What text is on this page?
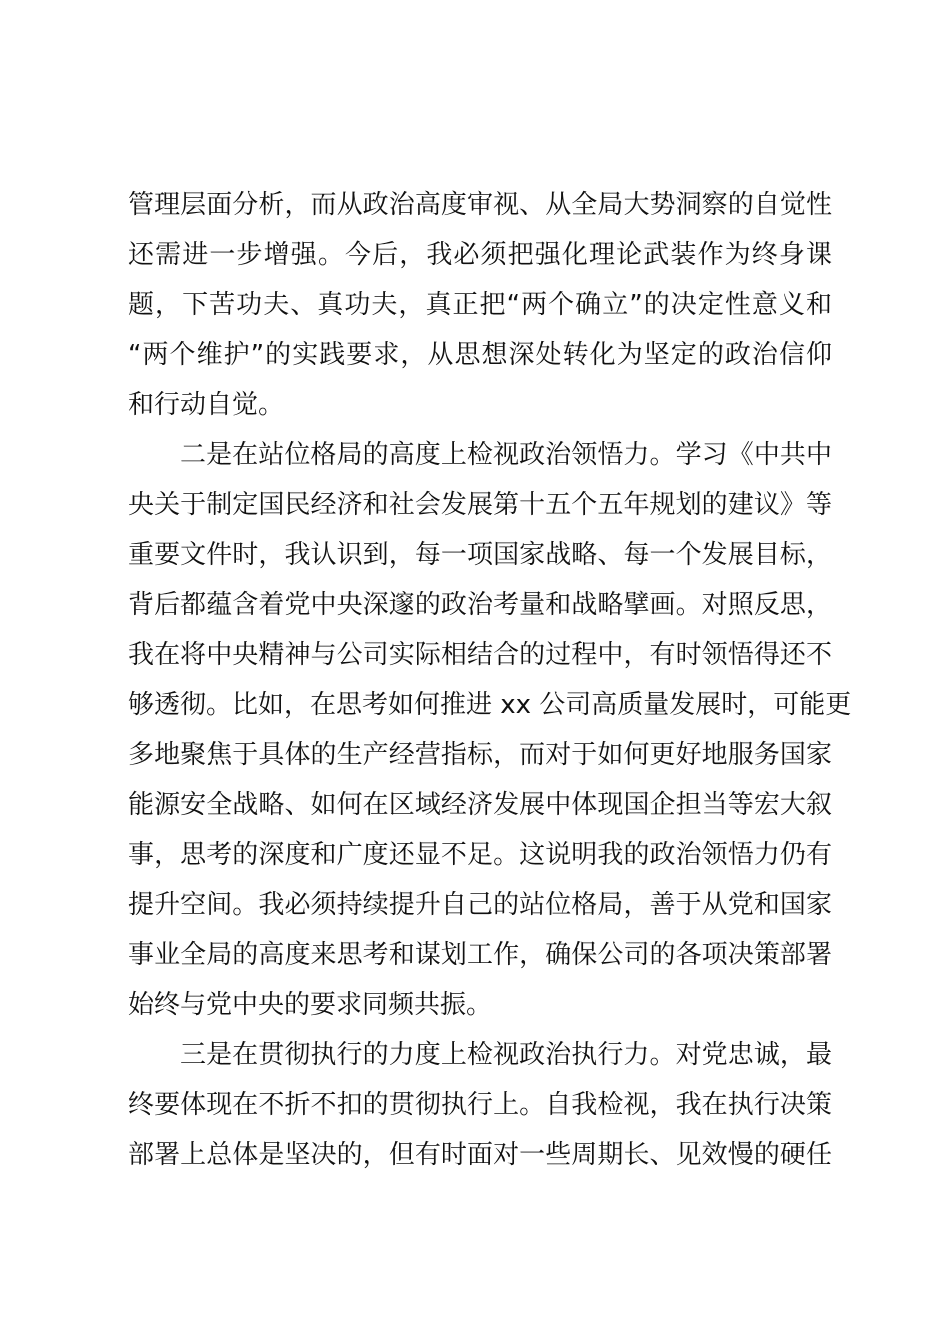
管理层面分析，而从政治高度审视、从全局大势洞察的自觉性
还需进一步增强。今后，我必须把强化理论武装作为终身课
题，下苦功夫、真功夫，真正把“两个确立”的决定性意义和
“两个维护”的实践要求，从思想深处转化为坚定的政治信仰
和行动自觉。
二是在站位格局的高度上检视政治领悟力。学习《中共中
央关于制定国民经济和社会发展第十五个五年规划的建议》等
重要文件时，我认识到，每一项国家战略、每一个发展目标，
背后都蕴含着党中央深邃的政治考量和战略擘画。对照反思，
我在将中央精神与公司实际相结合的过程中，有时领悟得还不
够透彻。比如，在思考如何推进 xx 公司高质量发展时，可能更
多地聚焦于具体的生产经营指标，而对于如何更好地服务国家
能源安全战略、如何在区域经济发展中体现国企担当等宏大叙
事，思考的深度和广度还显不足。这说明我的政治领悟力仍有
提升空间。我必须持续提升自己的站位格局，善于从党和国家
事业全局的高度来思考和谋划工作，确保公司的各项决策部署
始终与党中央的要求同频共振。
三是在贯彻执行的力度上检视政治执行力。对党忠诚，最
终要体现在不折不扣的贯彻执行上。自我检视，我在执行决策
部署上总体是坚决的，但有时面对一些周期长、见效慢的硬任
